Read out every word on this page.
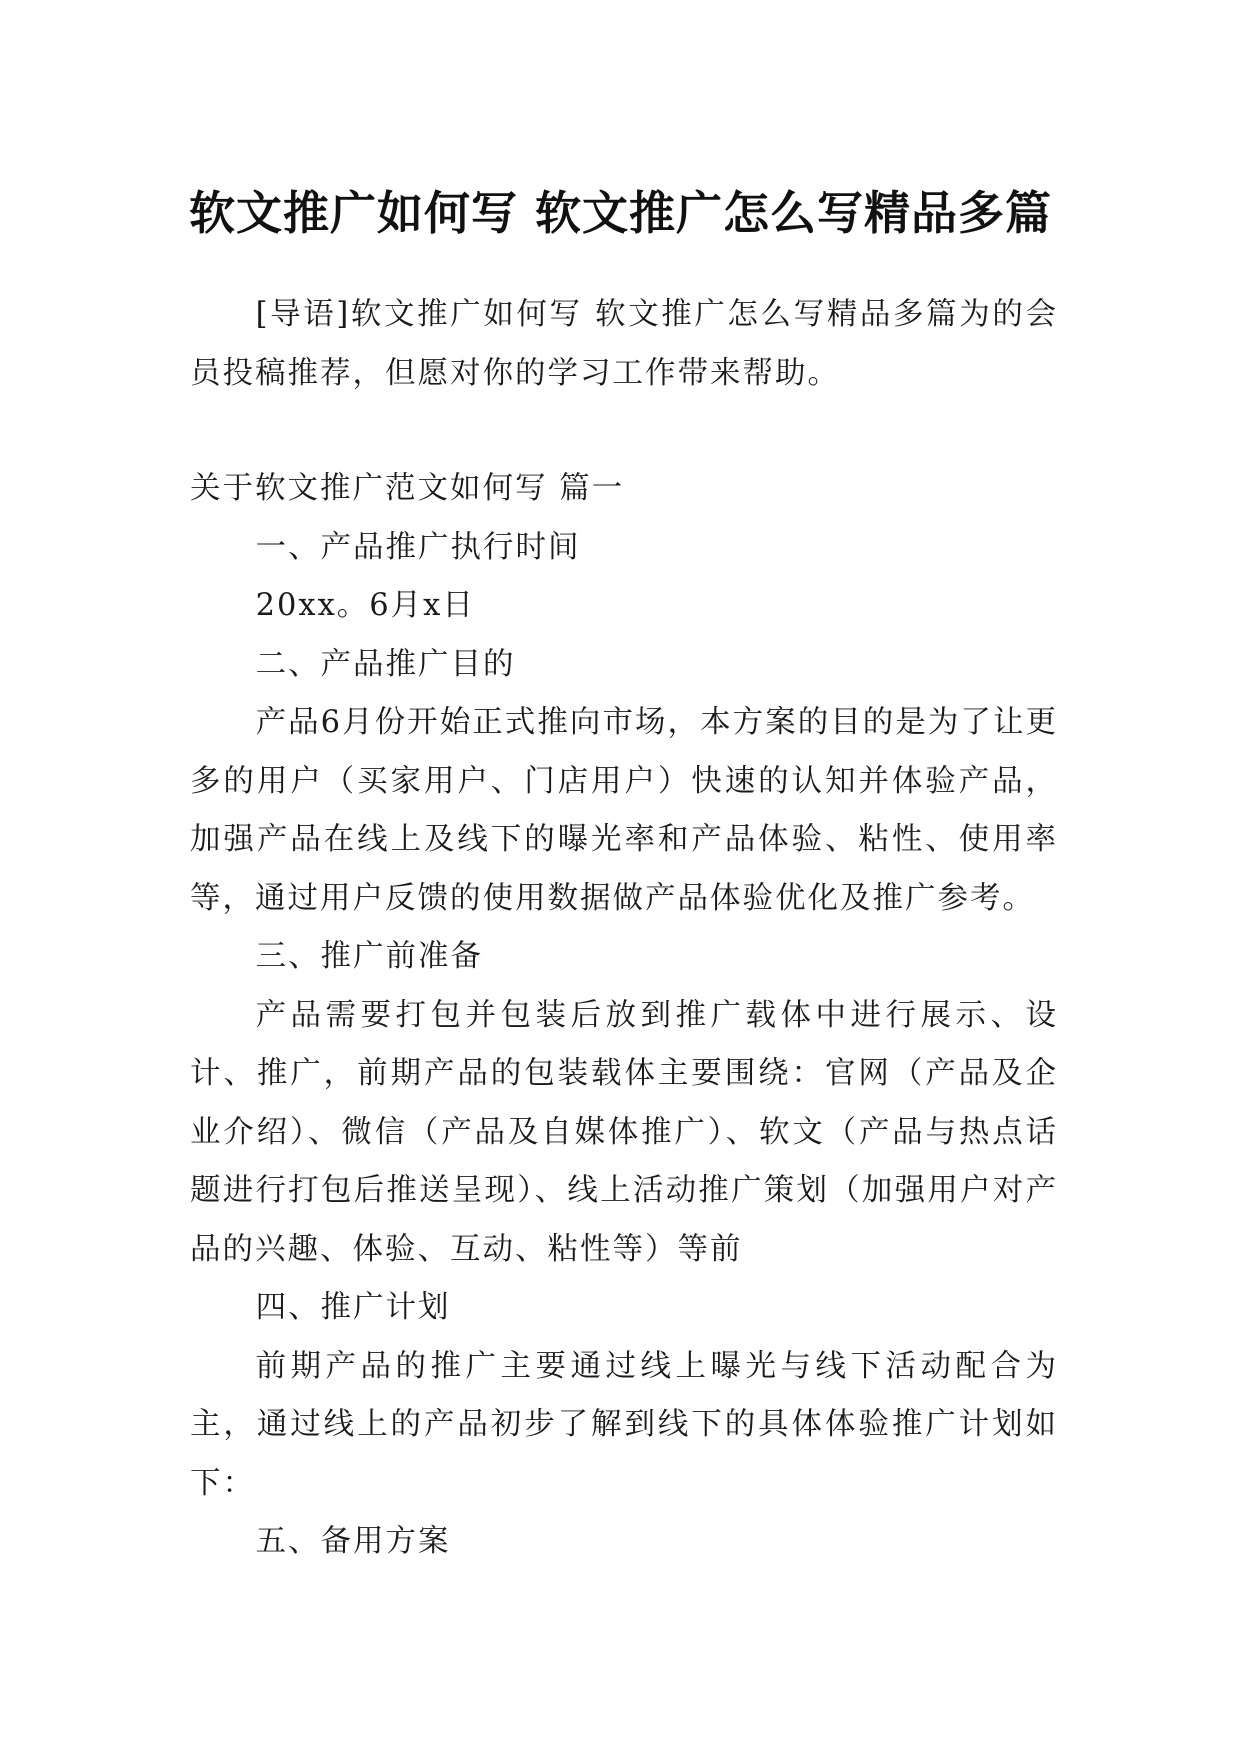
软文推广如何写 软文推广怎么写精品多篇

[导语]软文推广如何写 软文推广怎么写精品多篇为的会员投稿推荐，但愿对你的学习工作带来帮助。

关于软文推广范文如何写 篇一

一、产品推广执行时间

20xx。6月x日

二、产品推广目的

产品6月份开始正式推向市场，本方案的目的是为了让更多的用户（买家用户、门店用户）快速的认知并体验产品，加强产品在线上及线下的曝光率和产品体验、粘性、使用率等，通过用户反馈的使用数据做产品体验优化及推广参考。

三、推广前准备

产品需要打包并包装后放到推广载体中进行展示、设计、推广，前期产品的包装载体主要围绕：官网（产品及企业介绍）、微信（产品及自媒体推广）、软文（产品与热点话题进行打包后推送呈现）、线上活动推广策划（加强用户对产品的兴趣、体验、互动、粘性等）等前

四、推广计划

前期产品的推广主要通过线上曝光与线下活动配合为主，通过线上的产品初步了解到线下的具体体验推广计划如下：

五、备用方案
